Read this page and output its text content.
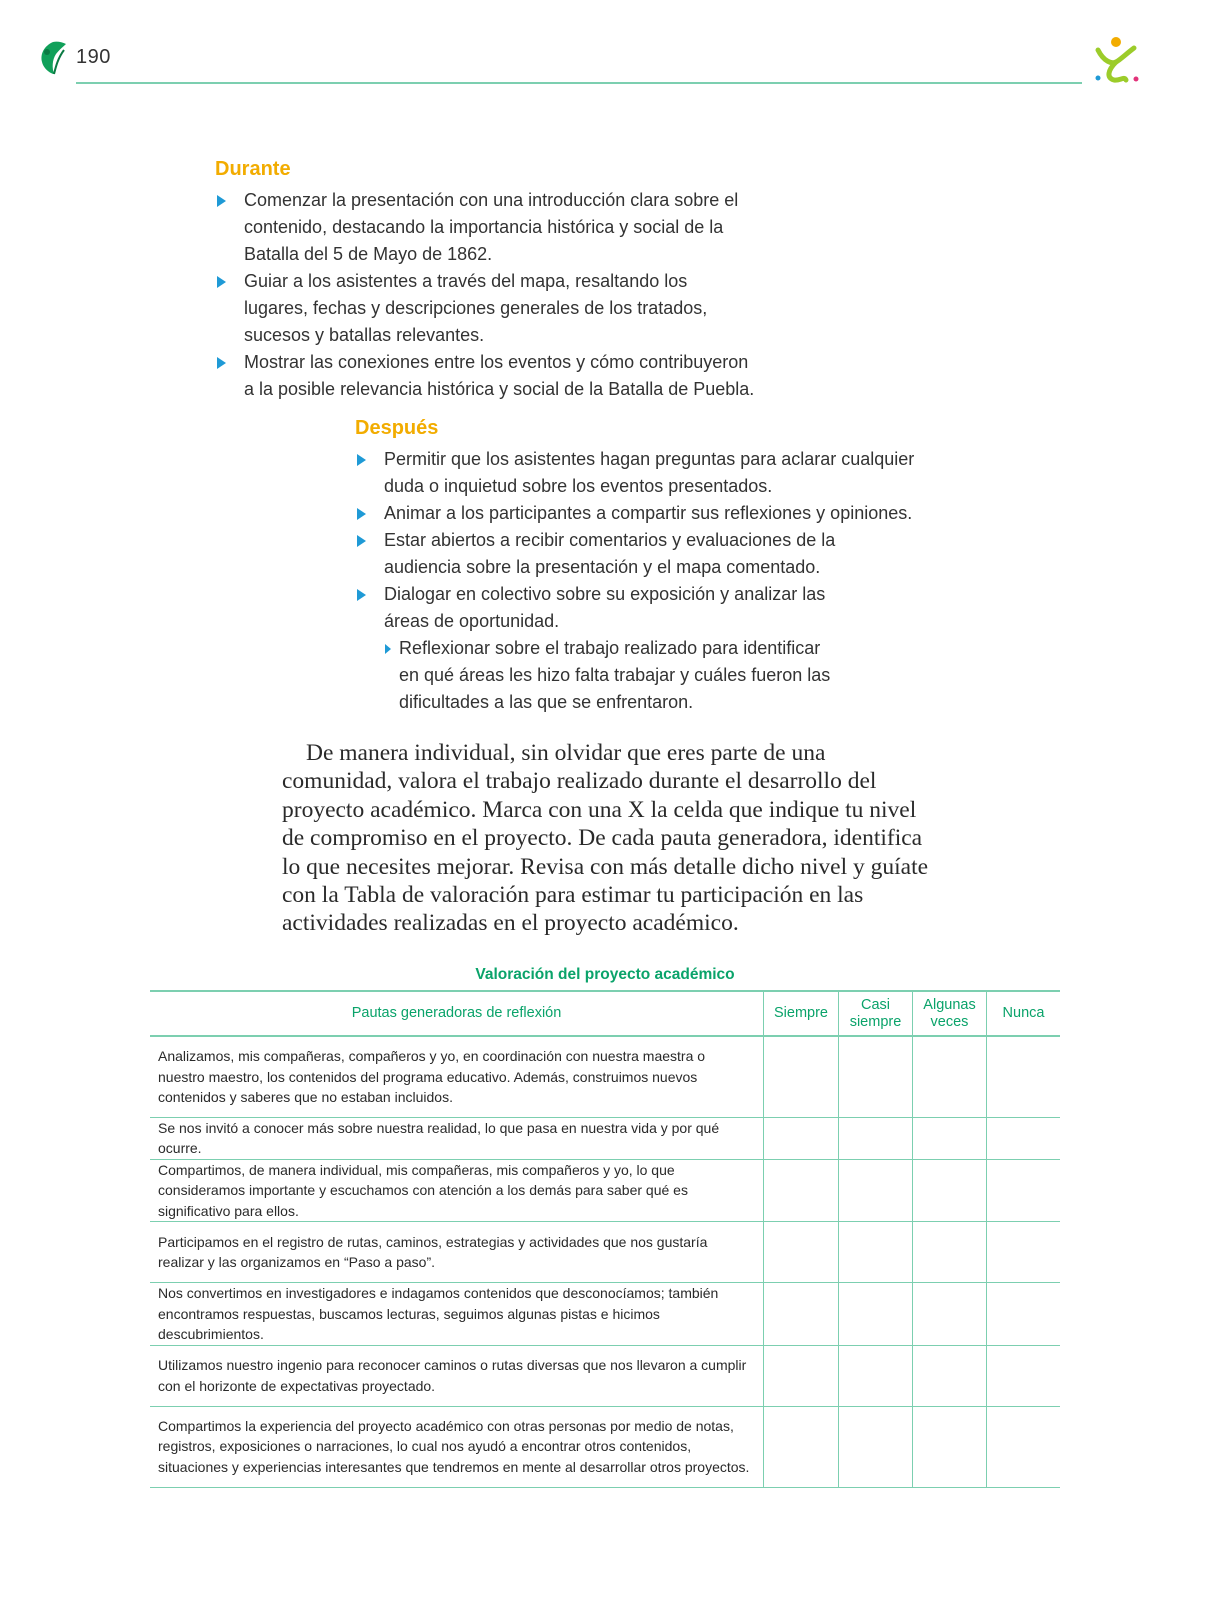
190
Durante
Comenzar la presentación con una introducción clara sobre el contenido, destacando la importancia histórica y social de la Batalla del 5 de Mayo de 1862.
Guiar a los asistentes a través del mapa, resaltando los lugares, fechas y descripciones generales de los tratados, sucesos y batallas relevantes.
Mostrar las conexiones entre los eventos y cómo contribuyeron a la posible relevancia histórica y social de la Batalla de Puebla.
Después
Permitir que los asistentes hagan preguntas para aclarar cualquier duda o inquietud sobre los eventos presentados.
Animar a los participantes a compartir sus reflexiones y opiniones.
Estar abiertos a recibir comentarios y evaluaciones de la audiencia sobre la presentación y el mapa comentado.
Dialogar en colectivo sobre su exposición y analizar las áreas de oportunidad.
Reflexionar sobre el trabajo realizado para identificar en qué áreas les hizo falta trabajar y cuáles fueron las dificultades a las que se enfrentaron.

De manera individual, sin olvidar que eres parte de una comunidad, valora el trabajo realizado durante el desarrollo del proyecto académico. Marca con una X la celda que indique tu nivel de compromiso en el proyecto. De cada pauta generadora, identifica lo que necesites mejorar. Revisa con más detalle dicho nivel y guíate con la Tabla de valoración para estimar tu participación en las actividades realizadas en el proyecto académico.

Valoración del proyecto académico
Pautas generadoras de reflexión	Siempre	Casi siempre	Algunas veces	Nunca
Analizamos, mis compañeras, compañeros y yo, en coordinación con nuestra maestra o nuestro maestro, los contenidos del programa educativo. Además, construimos nuevos contenidos y saberes que no estaban incluidos.				
Se nos invitó a conocer más sobre nuestra realidad, lo que pasa en nuestra vida y por qué ocurre.				
Compartimos, de manera individual, mis compañeras, mis compañeros y yo, lo que consideramos importante y escuchamos con atención a los demás para saber qué es significativo para ellos.				
Participamos en el registro de rutas, caminos, estrategias y actividades que nos gustaría realizar y las organizamos en “Paso a paso”.				
Nos convertimos en investigadores e indagamos contenidos que desconocíamos; también encontramos respuestas, buscamos lecturas, seguimos algunas pistas e hicimos descubrimientos.				
Utilizamos nuestro ingenio para reconocer caminos o rutas diversas que nos llevaron a cumplir con el horizonte de expectativas proyectado.				
Compartimos la experiencia del proyecto académico con otras personas por medio de notas, registros, exposiciones o narraciones, lo cual nos ayudó a encontrar otros contenidos, situaciones y experiencias interesantes que tendremos en mente al desarrollar otros proyectos.				
